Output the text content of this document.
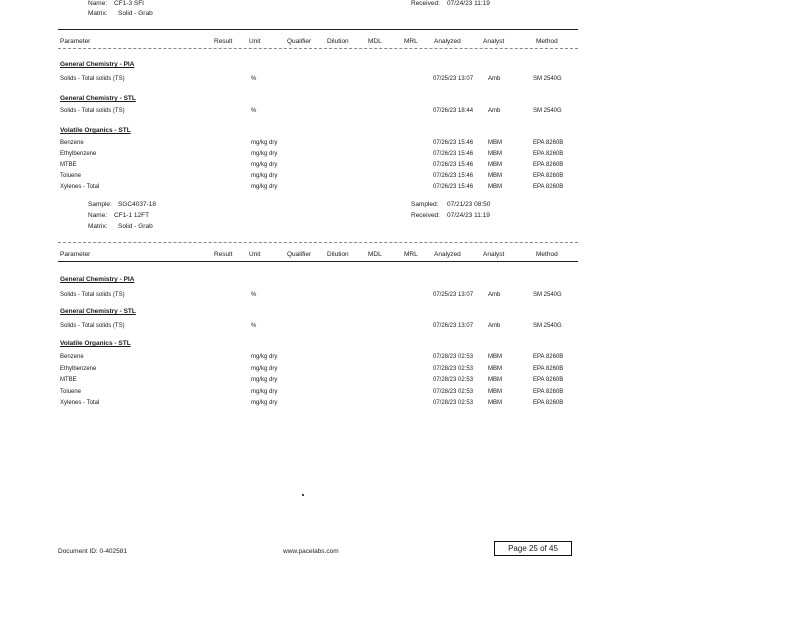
Name: CF1-3 SFI
Matrix: Solid - Grab
Received: 07/24/23 11:19
Parameter	Result	Unit	Qualifier Dilution	MDL	MRL	Analyzed	Analyst	Method
General Chemistry - PIA
Solids - Total solids (TS)	%	07/25/23 13:07 Amb	SM 2540G
General Chemistry - STL
Solids - Total solids (TS)	%	07/26/23 18:44 Amb	SM 2540G
Volatile Organics - STL
Benzene	mg/kg dry	07/26/23 15:46 MBM	EPA 8260B
Ethylbenzene	mg/kg dry	07/26/23 15:46 MBM	EPA 8260B
MTBE	mg/kg dry	07/26/23 15:46 MBM	EPA 8260B
Toluene	mg/kg dry	07/26/23 15:46 MBM	EPA 8260B
Xylenes - Total	mg/kg dry	07/26/23 15:46 MBM	EPA 8260B
Sample: SGC4037-18	Sampled: 07/21/23 08:50
Name: CF1-1 12FT	Received: 07/24/23 11:19
Matrix: Solid - Grab
Parameter	Result	Unit	Qualifier Dilution	MDL	MRL	Analyzed	Analyst	Method
General Chemistry - PIA
Solids - Total solids (TS)	%	07/25/23 13:07 Amb	SM 2540G
General Chemistry - STL
Solids - Total solids (TS)	%	07/26/23 13:07 Amb	SM 2540G
Volatile Organics - STL
Benzene	mg/kg dry	07/28/23 02:53 MBM	EPA 8260B
Ethylbenzene	mg/kg dry	07/28/23 02:53 MBM	EPA 8260B
MTBE	mg/kg dry	07/28/23 02:53 MBM	EPA 8260B
Toluene	mg/kg dry	07/28/23 02:53 MBM	EPA 8260B
Xylenes - Total	mg/kg dry	07/28/23 02:53 MBM	EPA 8260B
Document ID: 0-402581	www.pacelabs.com	Page 25 of 45
